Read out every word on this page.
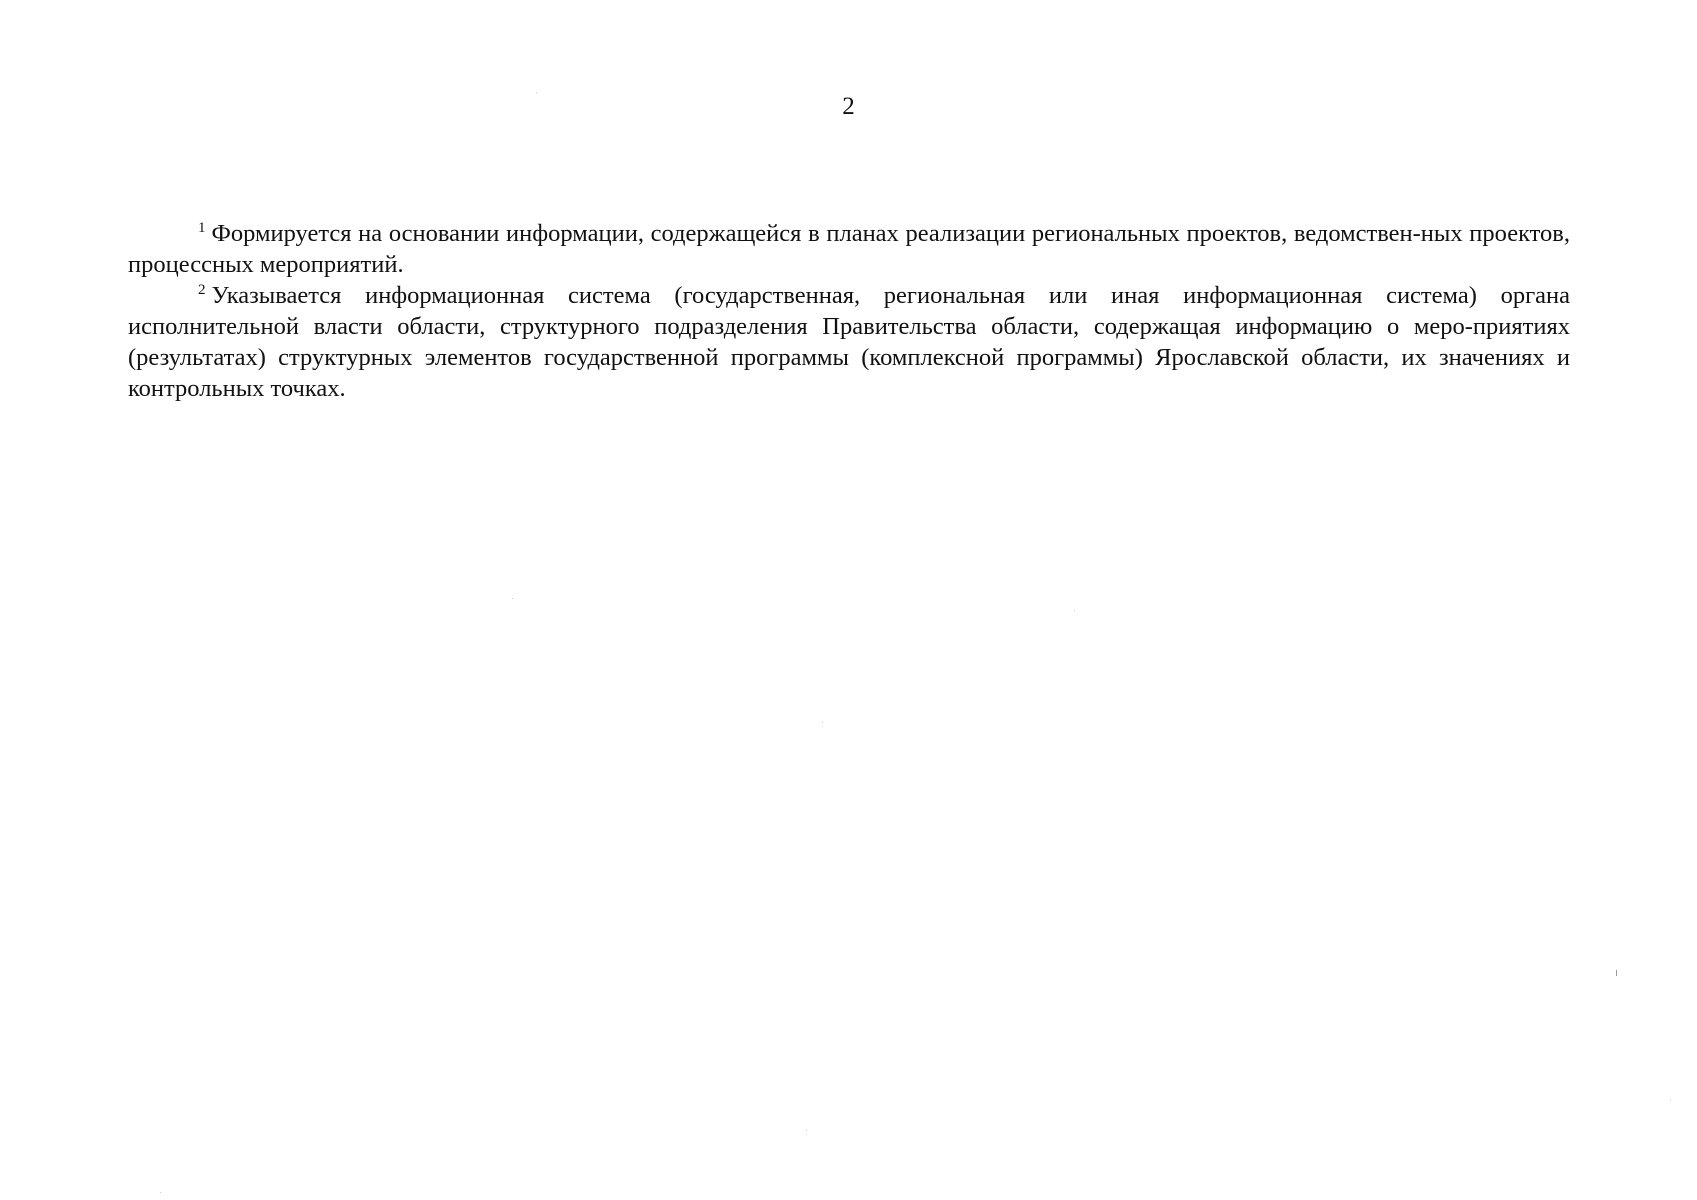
2

$^1$ Формируется на основании информации, содержащейся в планах реализации региональных проектов, ведомствен-ных проектов, процессных мероприятий.

$^2$ Указывается информационная система (государственная, региональная или иная информационная система) органа исполнительной власти области, структурного подразделения Правительства области, содержащая информацию о меро-приятиях (результатах) структурных элементов государственной программы (комплексной программы) Ярославской области, их значениях и контрольных точках.
